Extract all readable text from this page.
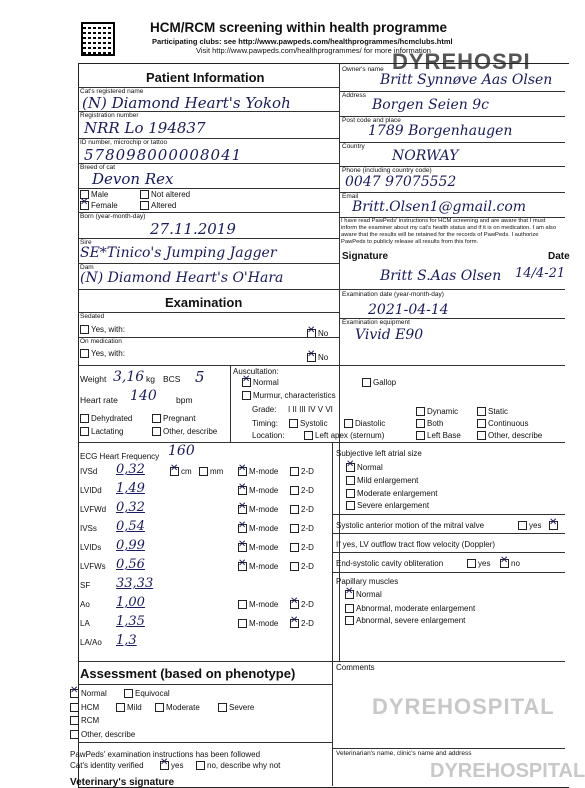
HCM/RCM screening within health programme
Participating clubs: see http://www.pawpeds.com/healthprogrammes/hcmclubs.html
Visit http://www.pawpeds.com/healthprogrammes/ for more information
DYREHOSPI
Patient Information
Cat's registered name
(N) Diamond Heart's Yokoh
Registration number
NRR Lo 194837
ID number, microchip or tattoo
578098000008041
Breed of cat
Devon Rex
Male	Not altered
✕Female	Altered
Born (year-month-day)
27.11.2019
Sire
SE*Tinico's Jumping Jagger
Dam
(N) Diamond Heart's O'Hara
Owner's name
Britt Synnøve Aas Olsen
Address
Borgen Seien 9c
Post code and place
1789 Borgenhaugen
Country
NORWAY
Phone (including country code)
0047 97075552
Email
Britt.Olsen1@gmail.com
I have read PawPeds' instructions for HCM screening and are aware that I must inform the examiner about my cat's health status and if it is on medication. I am also aware that the results will be retained for the records of PawPeds. I authorize PawPeds to publicly release all results from this form.
Signature	Date
Britt S.Aas Olsen 14/4-21
Examination
Examination date (year-month-day)
2021-04-14
Examination equipment
Vivid E90
Sedated
Yes, with: ✕	No
On medication
Yes, with: ✕	No
Weight 3,16 kg BCS 5
Heart rate 140 bpm
Dehydrated	Pregnant
Lactating	Other, describe
Auscultation:
✕Normal	Gallop
Murmur, characteristics
Grade: I II III IV V VI	Dynamic	Static
Timing:	Systolic	Diastolic	Both	Continuous
Location:	Left apex (sternum)	Left Base	Other, describe
ECG Heart Frequency 160
IVSd 0,32 ✕	cm	mm ✕	M-mode	2-D
LVIDd 1,49 ✕	M-mode	2-D
LVFWd 0,32 ✕	M-mode	2-D
IVSs 0,54 ✕	M-mode	2-D
LVIDs 0,99 ✕	M-mode	2-D
LVFWs 0,56 ✕	M-mode	2-D
SF 33,33
Ao 1,00	M-mode ✕	2-D
LA 1,35	M-mode ✕	2-D
LA/Ao 1,3
Subjective left atrial size
✕Normal
Mild enlargement
Moderate enlargement
Severe enlargement
Systolic anterior motion of the mitral valve	yes
✕
If yes, LV outflow tract flow velocity (Doppler)
End-systolic cavity obliteration	yes ✕	no
Papillary muscles
✕Normal
Abnormal, moderate enlargement
Abnormal, severe enlargement
Assessment (based on phenotype)	Comments
✕Normal	Equivocal
HCM	Mild	Moderate	Severe
RCM
Other, describe
PawPeds' examination instructions has been followed
Cat's identity verified ✕	yes	no, describe why not
Veterinary's signature
Veterinarian's name, clinic's name and address
DYREHOSPITAL
DYREHOSPITAL
